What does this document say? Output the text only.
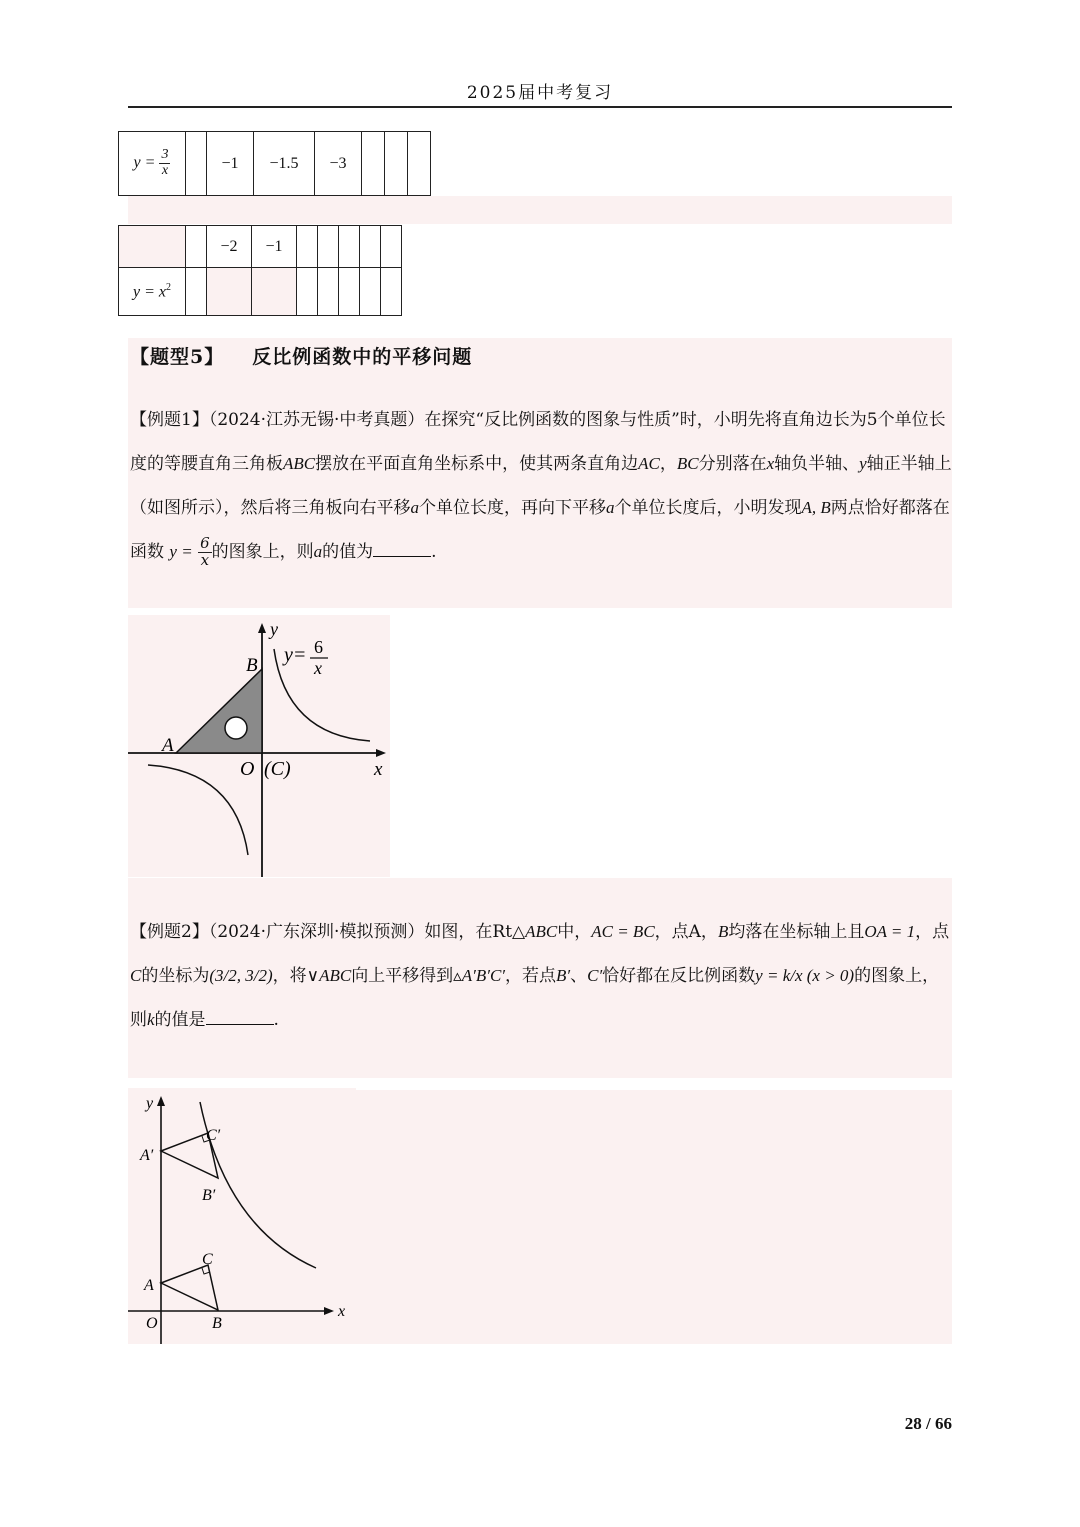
2025届中考复习
$y = \frac{3}{x}$		−1	−1.5	−3			
		−2	−1					
$y = x^2$								
【题型5】 反比例函数中的平移问题
【例题1】（2024·江苏无锡·中考真题）在探究“反比例函数的图象与性质”时，小明先将直角边长为5个单位长度的等腰直角三角板ABC摆放在平面直角坐标系中，使其两条直角边AC，BC分别落在x轴负半轴、y轴正半轴上（如图所示），然后将三角板向右平移a个单位长度，再向下平移a个单位长度后，小明发现A, B两点恰好都落在函数 $y = \frac{6}{x}$ 的图象上，则a的值为	.
y
x
B
A
O (C)
y= 6
x
【例题2】（2024·广东深圳·模拟预测）如图，在Rt△ABC中，AC = BC，点A，B均落在坐标轴上且OA = 1，点C的坐标为(3/2, 3/2)，将∨ABC向上平移得到▵A′B′C′，若点B′、C′恰好都在反比例函数y = k/x (x > 0)的图象上，则k的值是	.
y
x
O
A
B
C
A′
B′
C′
28 / 66
